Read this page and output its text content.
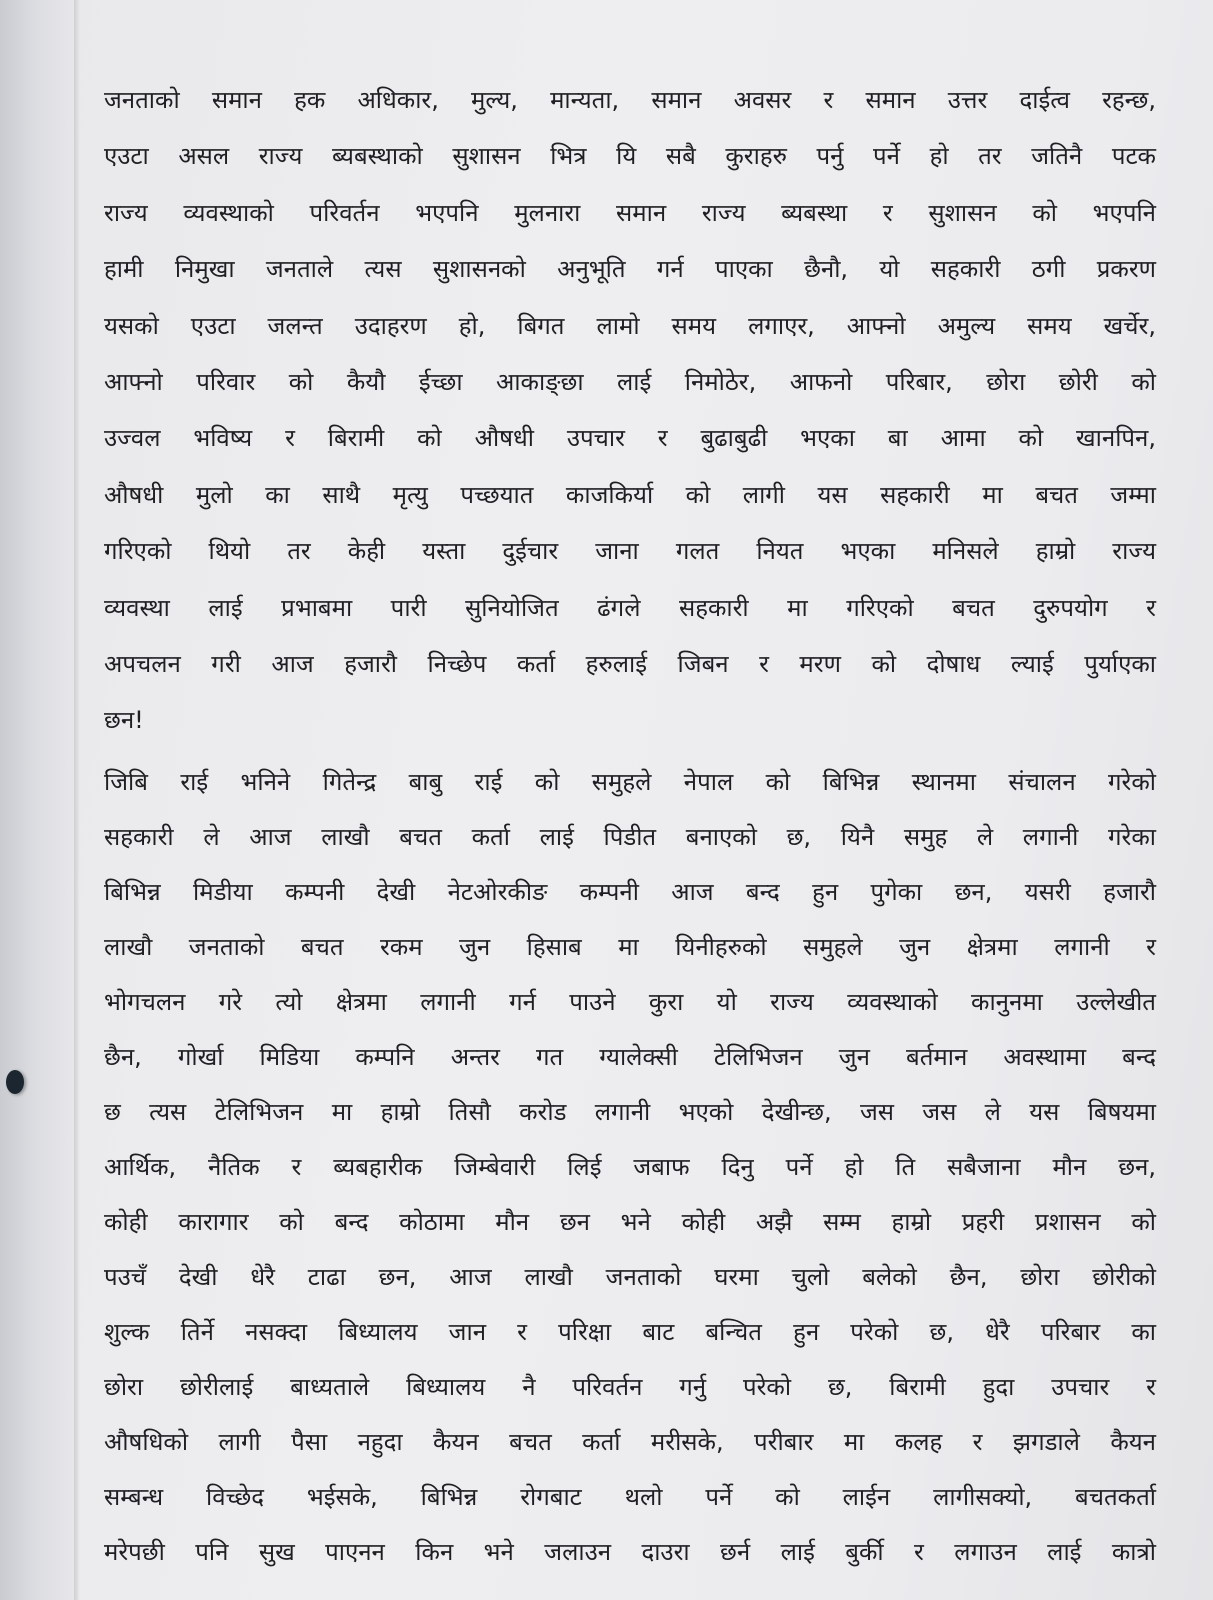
जनताको समान हक अधिकार, मुल्य, मान्यता, समान अवसर र समान उत्तर दाईत्व रहन्छ,
एउटा असल राज्य ब्यबस्थाको सुशासन भित्र यि सबै कुराहरु पर्नु पर्ने हो तर जतिनै पटक
राज्य व्यवस्थाको परिवर्तन भएपनि मुलनारा समान राज्य ब्यबस्था र सुशासन को भएपनि
हामी निमुखा जनताले त्यस सुशासनको अनुभूति गर्न पाएका छैनौ, यो सहकारी ठगी प्रकरण
यसको एउटा जलन्त उदाहरण हो, बिगत लामो समय लगाएर, आफ्नो अमुल्य समय खर्चेर,
आफ्नो परिवार को कैयौ ईच्छा आकाङ्छा लाई निमोठेर, आफनो परिबार, छोरा छोरी को
उज्वल भविष्य र बिरामी को औषधी उपचार र बुढाबुढी भएका बा आमा को खानपिन,
औषधी मुलो का साथै मृत्यु पच्छयात काजकिर्या को लागी यस सहकारी मा बचत जम्मा
गरिएको थियो तर केही यस्ता दुईचार जाना गलत नियत भएका मनिसले हाम्रो राज्य
व्यवस्था लाई प्रभाबमा पारी सुनियोजित ढंगले सहकारी मा गरिएको बचत दुरुपयोग र
अपचलन गरी आज हजारौ निच्छेप कर्ता हरुलाई जिबन र मरण को दोषाध ल्याई पुर्याएका
छन!
जिबि राई भनिने गितेन्द्र बाबु राई को समुहले नेपाल को बिभिन्न स्थानमा संचालन गरेको
सहकारी ले आज लाखौ बचत कर्ता लाई पिडीत बनाएको छ, यिनै समुह ले लगानी गरेका
बिभिन्न मिडीया कम्पनी देखी नेटओरकीङ कम्पनी आज बन्द हुन पुगेका छन, यसरी हजारौ
लाखौ जनताको बचत रकम जुन हिसाब मा यिनीहरुको समुहले जुन क्षेत्रमा लगानी र
भोगचलन गरे त्यो क्षेत्रमा लगानी गर्न पाउने कुरा यो राज्य व्यवस्थाको कानुनमा उल्लेखीत
छैन, गोर्खा मिडिया कम्पनि अन्तर गत ग्यालेक्सी टेलिभिजन जुन बर्तमान अवस्थामा बन्द
छ त्यस टेलिभिजन मा हाम्रो तिसौ करोड लगानी भएको देखीन्छ, जस जस ले यस बिषयमा
आर्थिक, नैतिक र ब्यबहारीक जिम्बेवारी लिई जबाफ दिनु पर्ने हो ति सबैजाना मौन छन,
कोही कारागार को बन्द कोठामा मौन छन भने कोही अझै सम्म हाम्रो प्रहरी प्रशासन को
पउचँ देखी धेरै टाढा छन, आज लाखौ जनताको घरमा चुलो बलेको छैन, छोरा छोरीको
शुल्क तिर्ने नसक्दा बिध्यालय जान र परिक्षा बाट बन्चित हुन परेको छ, धेरै परिबार का
छोरा छोरीलाई बाध्यताले बिध्यालय नै परिवर्तन गर्नु परेको छ, बिरामी हुदा उपचार र
औषधिको लागी पैसा नहुदा कैयन बचत कर्ता मरीसके, परीबार मा कलह र झगडाले कैयन
सम्बन्ध विच्छेद भईसके, बिभिन्न रोगबाट थलो पर्ने को लाईन लागीसक्यो, बचतकर्ता
मरेपछी पनि सुख पाएनन किन भने जलाउन दाउरा छर्न लाई बुर्की र लगाउन लाई कात्रो
